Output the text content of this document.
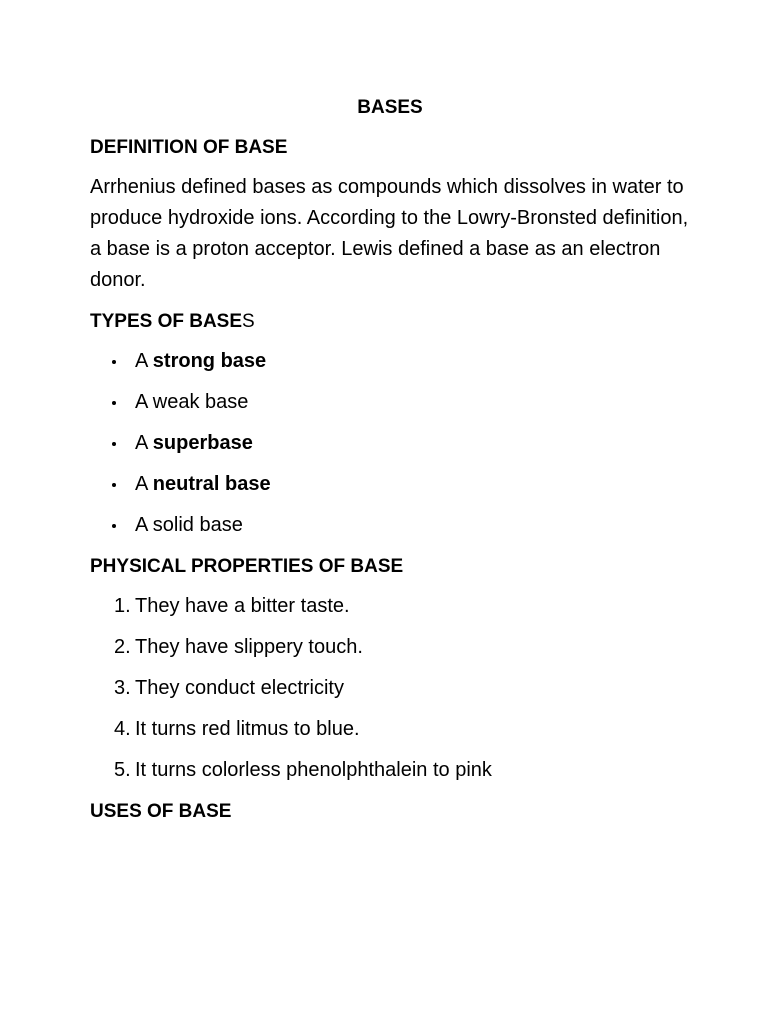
BASES
DEFINITION OF BASE
Arrhenius defined bases as compounds which dissolves in water to produce hydroxide ions. According to the Lowry-Bronsted definition, a base is a proton acceptor. Lewis defined a base as an electron donor.
TYPES OF BASES
A strong base
A weak base
A superbase
A neutral base
A solid base
PHYSICAL PROPERTIES OF BASE
1. They have a bitter taste.
2. They have slippery touch.
3. They conduct electricity
4. It turns red litmus to blue.
5. It turns colorless phenolphthalein to pink
USES OF BASE
